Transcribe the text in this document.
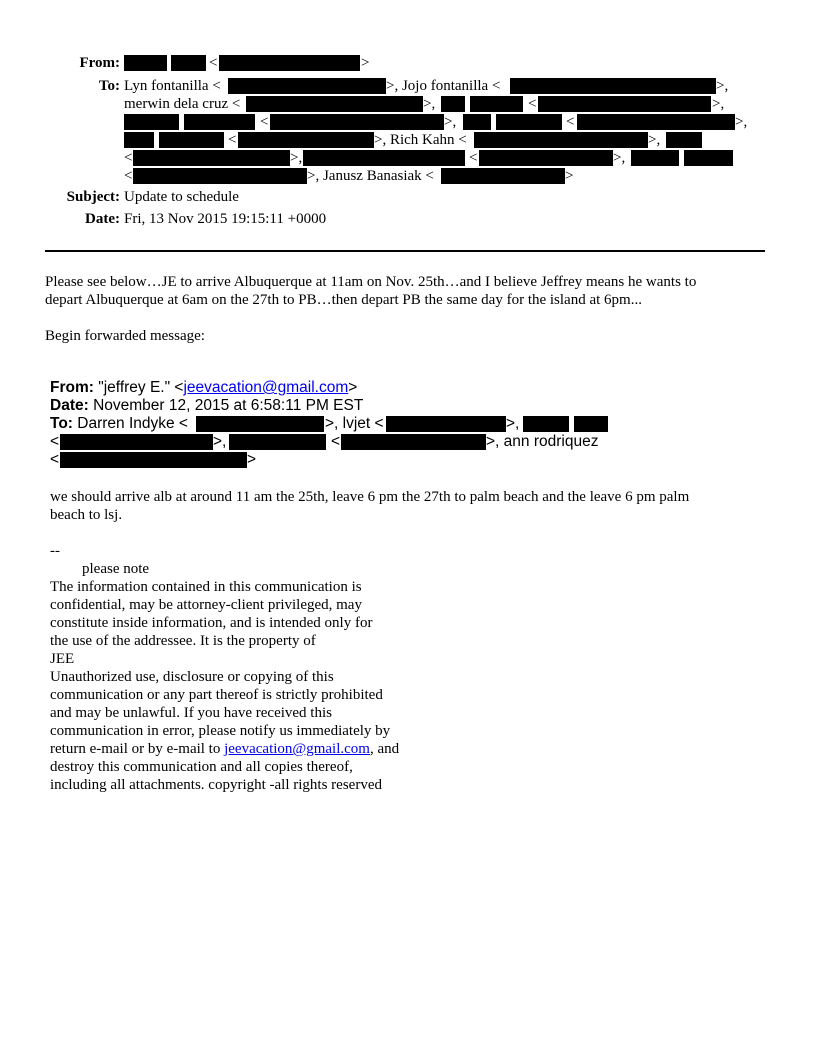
From:	<	>
To: Lyn fontanilla <	>, Jojo fontanilla <	>,
merwin dela cruz <	>,	<	>,
<	>,	<	>,
<	>, Rich Kahn <	>,
<	>,	<	>,
<	>, Janusz Banasiak <	>
Subject: Update to schedule
Date: Fri, 13 Nov 2015 19:15:11 +0000
Please see below…JE to arrive Albuquerque at 11am on Nov. 25th…and I believe Jeffrey means he wants to
depart Albuquerque at 6am on the 27th to PB…then depart PB the same day for the island at 6pm...
Begin forwarded message:
From: "jeffrey E." <jeevacation@gmail.com>
Date: November 12, 2015 at 6:58:11 PM EST
To: Darren Indyke <	>, lvjet <	>,
<	>,	<	>, ann rodriquez
<	>
we should arrive alb at around 11 am the 25th, leave 6 pm the 27th to palm beach and the leave 6 pm palm
beach to lsj.
--
please note
The information contained in this communication is
confidential, may be attorney-client privileged, may
constitute inside information, and is intended only for
the use of the addressee. It is the property of
JEE
Unauthorized use, disclosure or copying of this
communication or any part thereof is strictly prohibited
and may be unlawful. If you have received this
communication in error, please notify us immediately by
return e-mail or by e-mail to jeevacation@gmail.com, and
destroy this communication and all copies thereof,
including all attachments. copyright -all rights reserved
